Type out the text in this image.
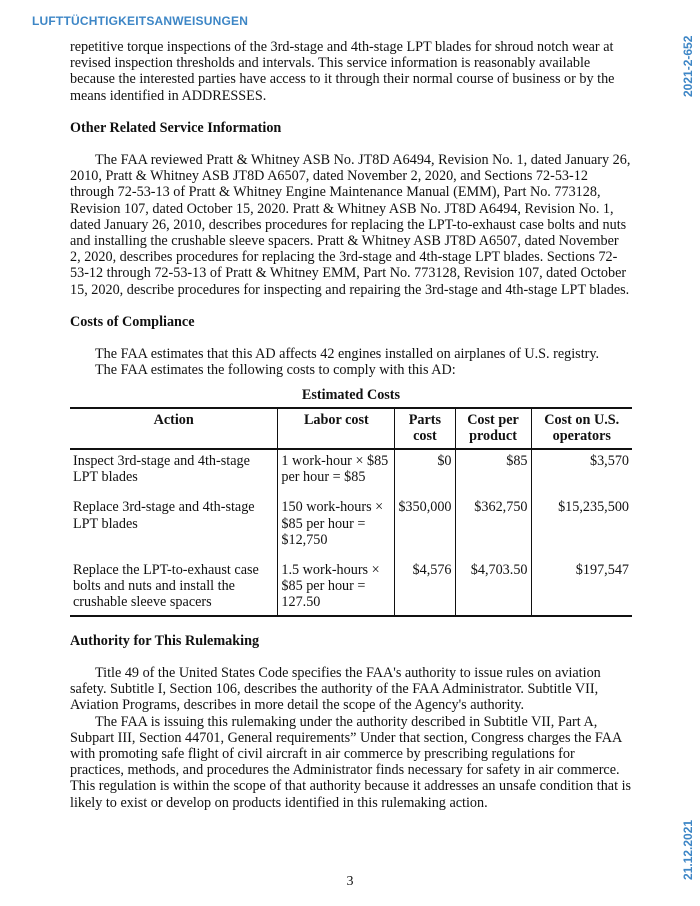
LUFTTÜCHTIGKEITSANWEISUNGEN
2021-2-652
21.12.2021

repetitive torque inspections of the 3rd-stage and 4th-stage LPT blades for shroud notch wear at revised inspection thresholds and intervals. This service information is reasonably available because the interested parties have access to it through their normal course of business or by the means identified in ADDRESSES.

Other Related Service Information

The FAA reviewed Pratt & Whitney ASB No. JT8D A6494, Revision No. 1, dated January 26, 2010, Pratt & Whitney ASB JT8D A6507, dated November 2, 2020, and Sections 72-53-12 through 72-53-13 of Pratt & Whitney Engine Maintenance Manual (EMM), Part No. 773128, Revision 107, dated October 15, 2020. Pratt & Whitney ASB No. JT8D A6494, Revision No. 1, dated January 26, 2010, describes procedures for replacing the LPT-to-exhaust case bolts and nuts and installing the crushable sleeve spacers. Pratt & Whitney ASB JT8D A6507, dated November 2, 2020, describes procedures for replacing the 3rd-stage and 4th-stage LPT blades. Sections 72-53-12 through 72-53-13 of Pratt & Whitney EMM, Part No. 773128, Revision 107, dated October 15, 2020, describe procedures for inspecting and repairing the 3rd-stage and 4th-stage LPT blades.

Costs of Compliance

The FAA estimates that this AD affects 42 engines installed on airplanes of U.S. registry.

The FAA estimates the following costs to comply with this AD:

Estimated Costs
Action	Labor cost	Parts cost	Cost per product	Cost on U.S. operators
Inspect 3rd-stage and 4th-stage LPT blades	1 work-hour × $85 per hour = $85	$0	$85	$3,570
Replace 3rd-stage and 4th-stage LPT blades	150 work-hours × $85 per hour = $12,750	$350,000	$362,750	$15,235,500
Replace the LPT-to-exhaust case bolts and nuts and install the crushable sleeve spacers	1.5 work-hours × $85 per hour = 127.50	$4,576	$4,703.50	$197,547
Authority for This Rulemaking

Title 49 of the United States Code specifies the FAA's authority to issue rules on aviation safety. Subtitle I, Section 106, describes the authority of the FAA Administrator. Subtitle VII, Aviation Programs, describes in more detail the scope of the Agency's authority.

The FAA is issuing this rulemaking under the authority described in Subtitle VII, Part A, Subpart III, Section 44701, General requirements” Under that section, Congress charges the FAA with promoting safe flight of civil aircraft in air commerce by prescribing regulations for practices, methods, and procedures the Administrator finds necessary for safety in air commerce. This regulation is within the scope of that authority because it addresses an unsafe condition that is likely to exist or develop on products identified in this rulemaking action.

3
